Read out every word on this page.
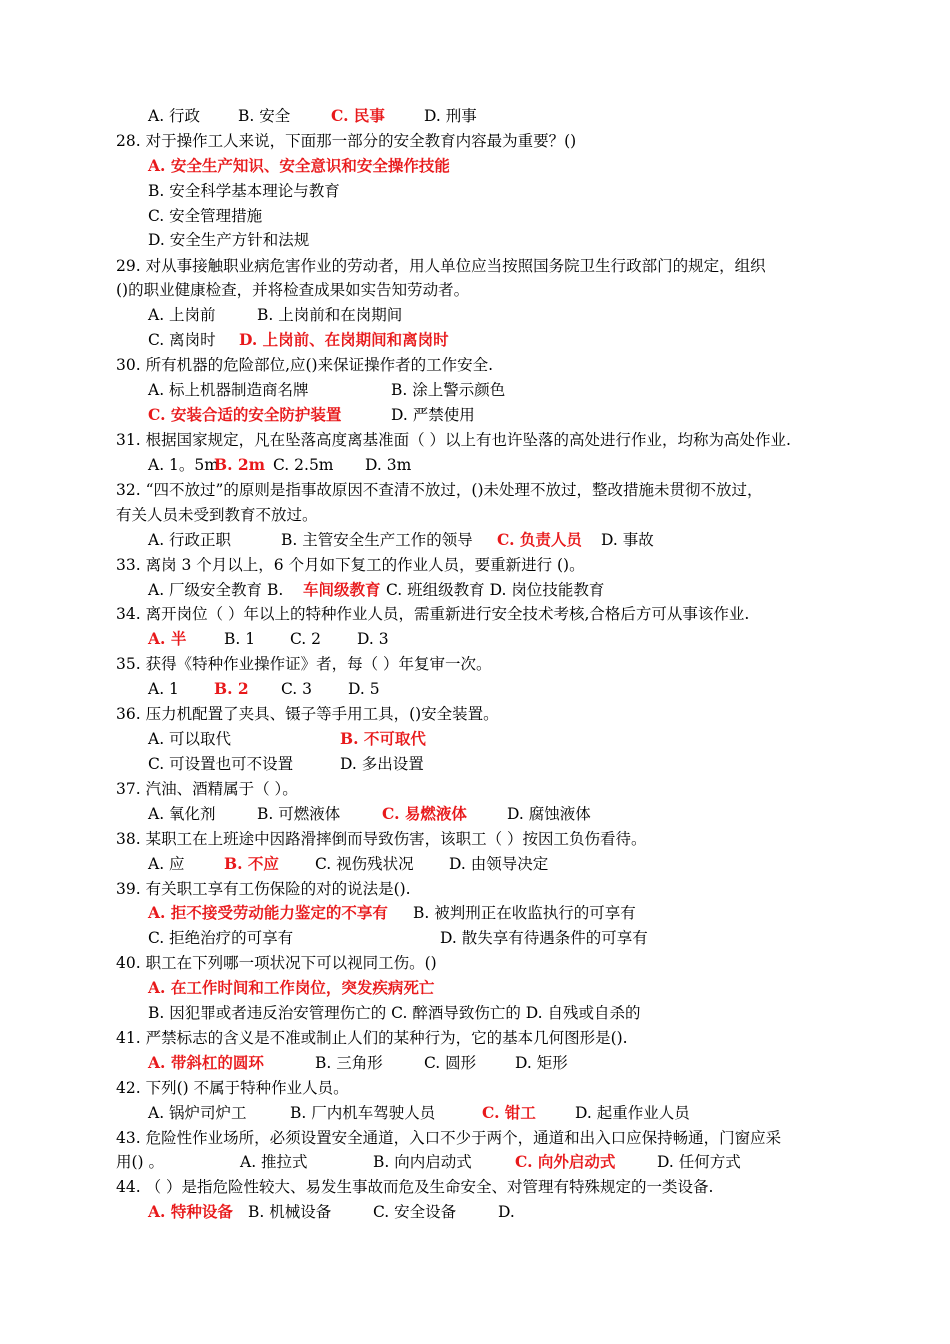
A. 行政 B. 安全	C. 民事	D. 刑事
28. 对于操作工人来说，下面那一部分的安全教育内容最为重要？()
A. 安全生产知识、安全意识和安全操作技能
B. 安全科学基本理论与教育
C. 安全管理措施
D. 安全生产方针和法规
29. 对从事接触职业病危害作业的劳动者，用人单位应当按照国务院卫生行政部门的规定，组织
()的职业健康检查，并将检查成果如实告知劳动者。
A. 上岗前	B. 上岗前和在岗期间
C. 离岗时 D. 上岗前、在岗期间和离岗时
30. 所有机器的危险部位,应()来保证操作者的工作安全.
A. 标上机器制造商名牌	B. 涂上警示颜色
C. 安装合适的安全防护装置	D. 严禁使用
31. 根据国家规定，凡在坠落高度离基准面（ ）以上有也许坠落的高处进行作业，均称为高处作业.
A. 1。5m
B. 2m C. 2.5m D. 3m
32. “四不放过”的原则是指事故原因不查清不放过，()未处理不放过，整改措施未贯彻不放过，
有关人员未受到教育不放过。
A. 行政正职	B. 主管安全生产工作的领导 C. 负责人员 D. 事故
33. 离岗 3 个月以上，6 个月如下复工的作业人员，要重新进行 ()。
A. 厂级安全教育 B. 车间级教育 C. 班组级教育 D. 岗位技能教育
34. 离开岗位（ ）年以上的特种作业人员，需重新进行安全技术考核,合格后方可从事该作业.
A. 半 B. 1 C. 2 D. 3
35. 获得《特种作业操作证》者，每（ ）年复审一次。
A. 1 B. 2 C. 3 D. 5
36. 压力机配置了夹具、镊子等手用工具，()安全装置。
A. 可以取代	B. 不可取代
C. 可设置也可不设置	D. 多出设置
37. 汽油、酒精属于（ ）。
A. 氧化剂	B. 可燃液体	C. 易燃液体	D. 腐蚀液体
38. 某职工在上班途中因路滑摔倒而导致伤害，该职工（ ）按因工负伤看待。
A. 应	B. 不应 C. 视伤残状况 D. 由领导决定
39. 有关职工享有工伤保险的对的说法是().
A. 拒不接受劳动能力鉴定的不享有 B. 被判刑正在收监执行的可享有
C. 拒绝治疗的可享有	D. 散失享有待遇条件的可享有
40. 职工在下列哪一项状况下可以视同工伤。()
A. 在工作时间和工作岗位，突发疾病死亡
B. 因犯罪或者违反治安管理伤亡的 C. 醉酒导致伤亡的 D. 自残或自杀的
41. 严禁标志的含义是不准或制止人们的某种行为，它的基本几何图形是().
A. 带斜杠的圆环	B. 三角形	C. 圆形	D. 矩形
42. 下列() 不属于特种作业人员。
A. 锅炉司炉工	B. 厂内机车驾驶人员	C. 钳工	D. 起重作业人员
43. 危险性作业场所，必须设置安全通道，入口不少于两个，通道和出入口应保持畅通，门窗应采
用() 。	A. 推拉式	B. 向内启动式	C. 向外启动式	D. 任何方式
44. （ ）是指危险性较大、易发生事故而危及生命安全、对管理有特殊规定的一类设备.
A. 特种设备 B. 机械设备	C. 安全设备	D.
